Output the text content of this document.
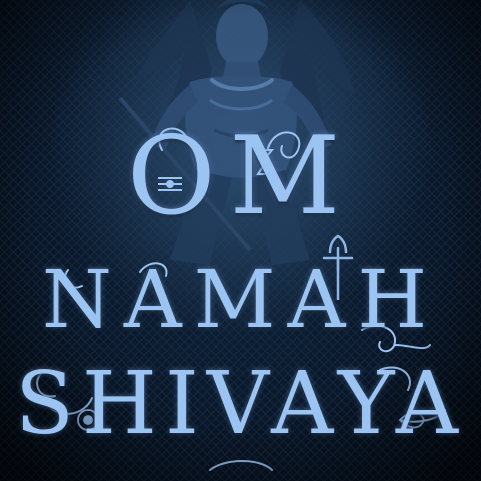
OM
NAMAH
SHIVAYA
